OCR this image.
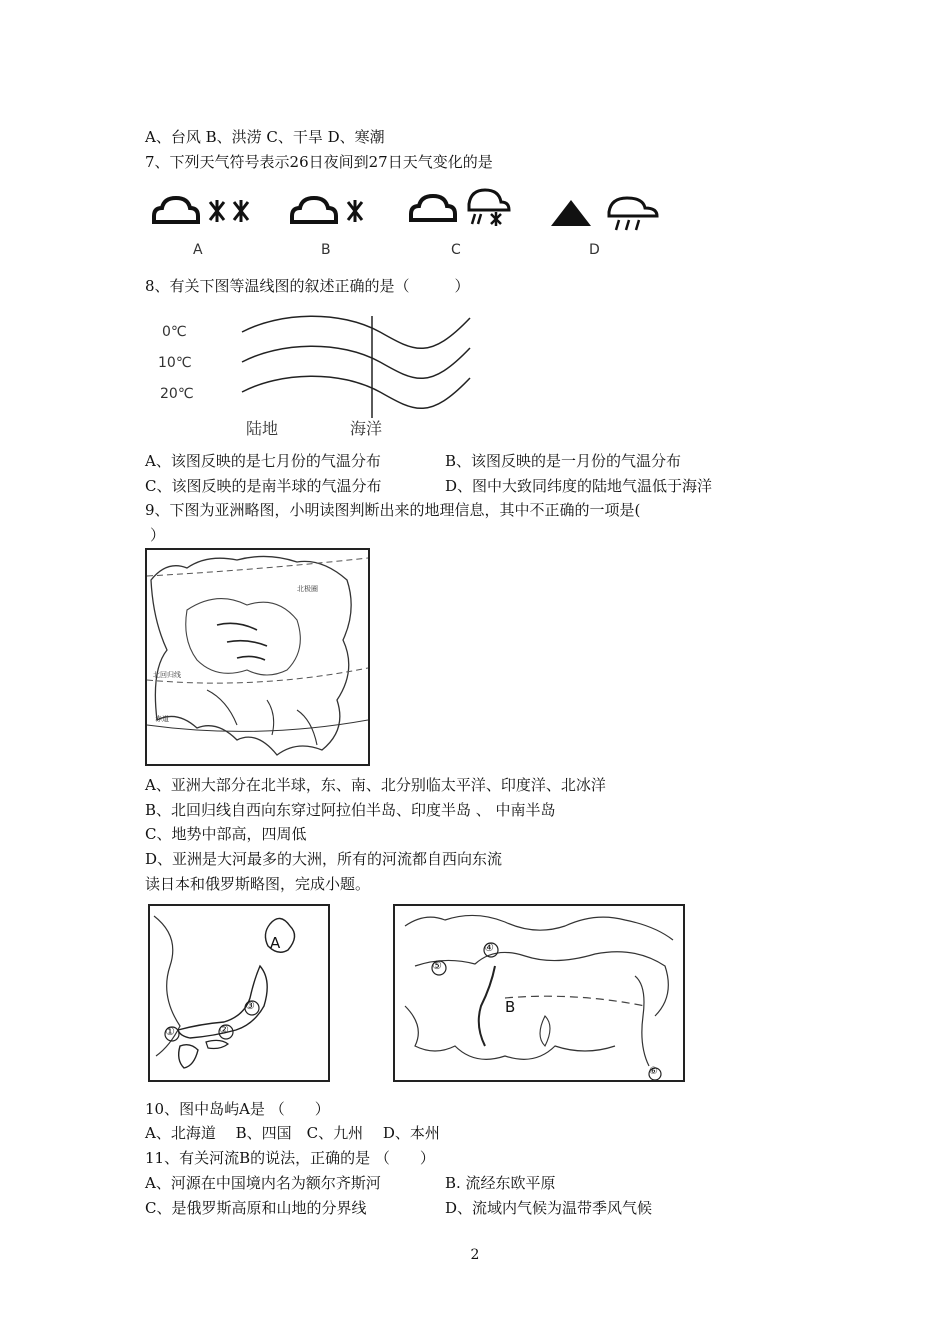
A、台风 B、洪涝 C、干旱 D、寒潮
7、下列天气符号表示26日夜间到27日天气变化的是
A	B	C	D
8、有关下图等温线图的叙述正确的是（　　　）
0℃
10℃
20℃
陆地	海洋
A、该图反映的是七月份的气温分布	B、该图反映的是一月份的气温分布
C、该图反映的是南半球的气温分布	D、图中大致同纬度的陆地气温低于海洋
9、下图为亚洲略图，小明读图判断出来的地理信息，其中不正确的一项是(
）
北极圈
北回归线
赤道
A、亚洲大部分在北半球，东、南、北分别临太平洋、印度洋、北冰洋
B、北回归线自西向东穿过阿拉伯半岛、印度半岛 、 中南半岛
C、地势中部高，四周低
D、亚洲是大河最多的大洲，所有的河流都自西向东流
读日本和俄罗斯略图，完成小题。
A
①	②
③
④
⑤
B
⑥
10、图中岛屿A是 （　　）
A、北海道　 B、四国　C、九州　 D、本州
11、有关河流B的说法，正确的是 （　　）
A、河源在中国境内名为额尔齐斯河	B. 流经东欧平原
C、是俄罗斯高原和山地的分界线	D、流域内气候为温带季风气候
2
